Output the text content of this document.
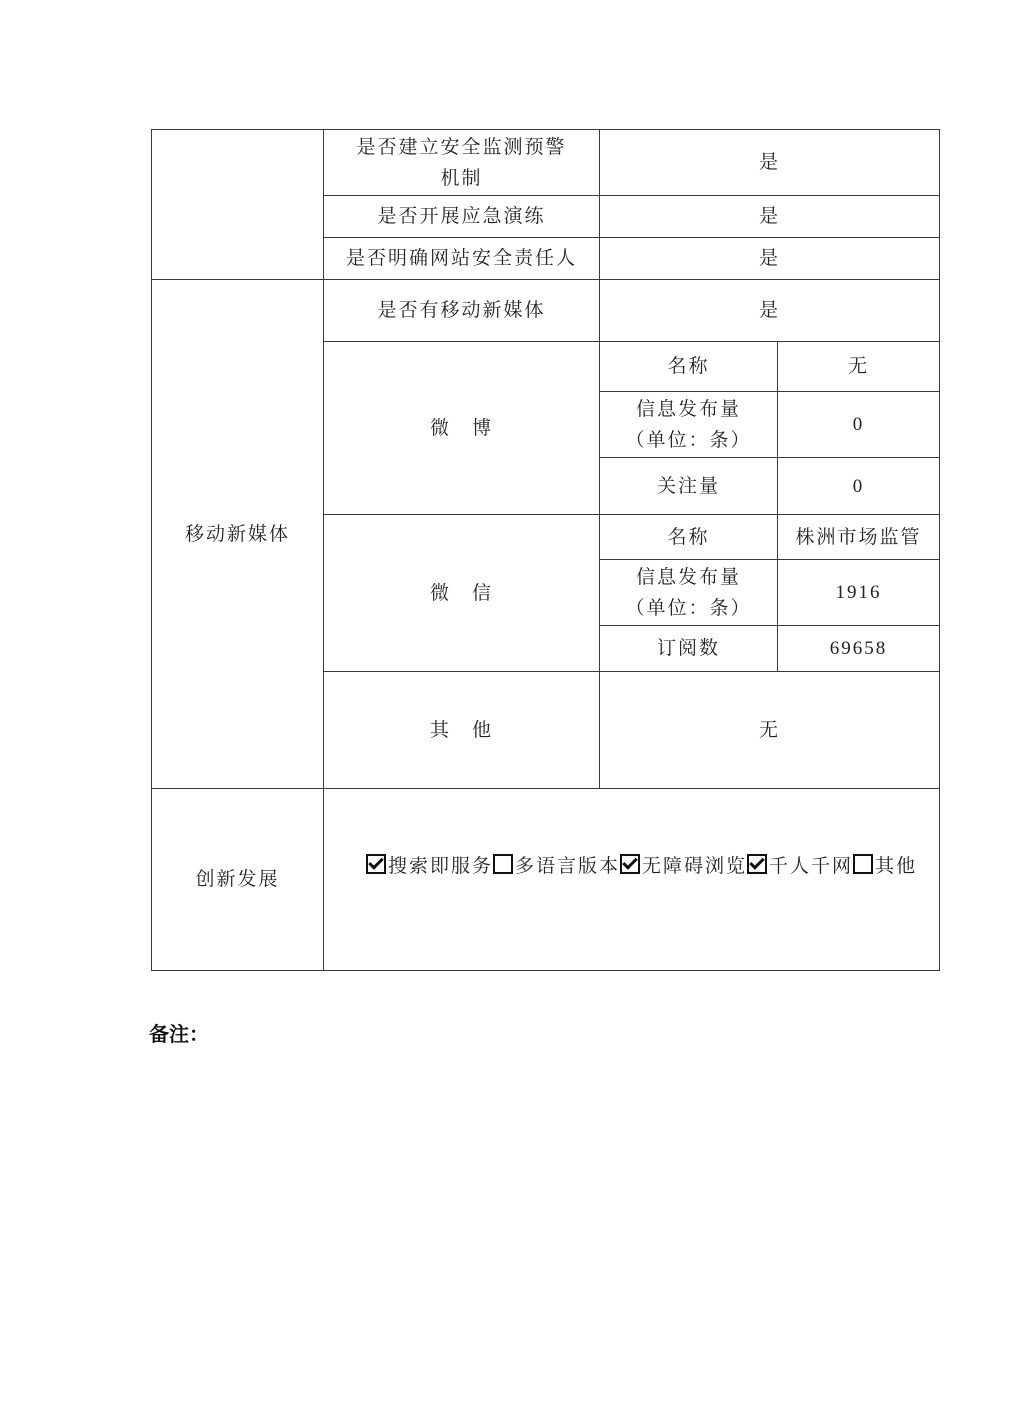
	是否建立安全监测预警
机制	是	
	是否开展应急演练	是	
	是否明确网站安全责任人	是	
移动新媒体	是否有移动新媒体	是	
	微　博	名称	无
		信息发布量
（单位：条）	0
		关注量	0
	微　信	名称	株洲市场监管
		信息发布量
（单位：条）	1916
		订阅数	69658
	其　他	无	
创新发展	搜索即服务 多语言版本 无障碍浏览 千人千网 其他		
备注：
